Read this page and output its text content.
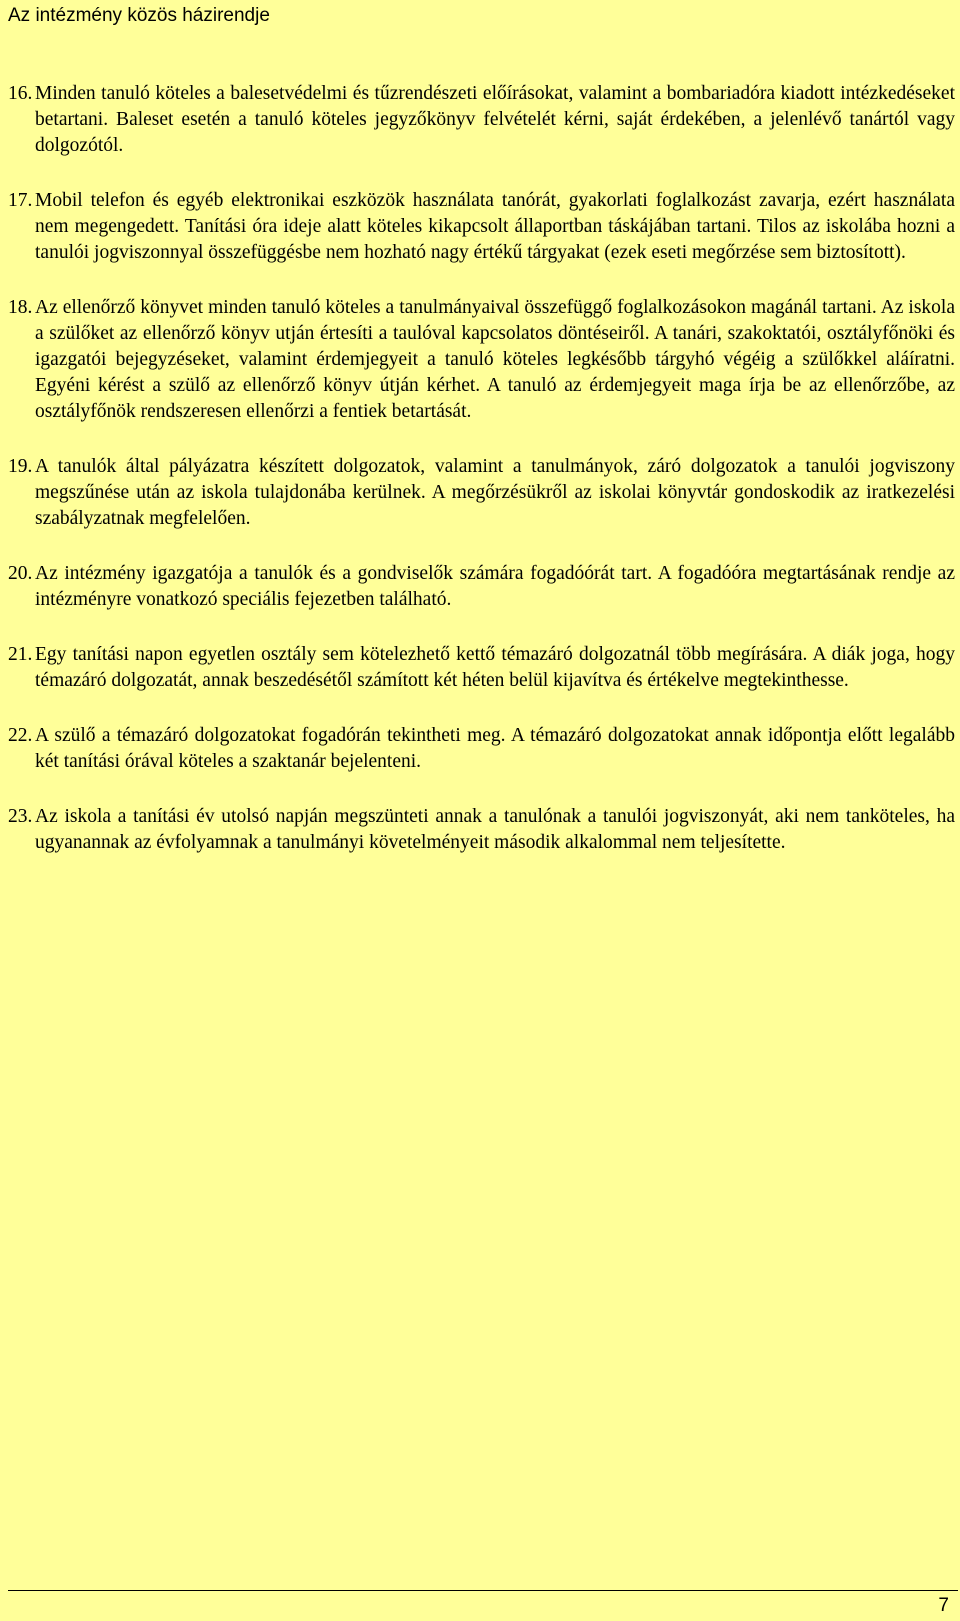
Az intézmény közös házirendje
16. Minden tanuló köteles a balesetvédelmi és tűzrendészeti előírásokat, valamint a bombariadóra kiadott intézkedéseket betartani. Baleset esetén a tanuló köteles jegyzőkönyv felvételét kérni, saját érdekében, a jelenlévő tanártól vagy dolgozótól.
17. Mobil telefon és egyéb elektronikai eszközök használata tanórát, gyakorlati foglalkozást zavarja, ezért használata nem megengedett. Tanítási óra ideje alatt köteles kikapcsolt állaportban táskájában tartani. Tilos az iskolába hozni a tanulói jogviszonnyal összefüggésbe nem hozható nagy értékű tárgyakat (ezek eseti megőrzése sem biztosított).
18. Az ellenőrző könyvet minden tanuló köteles a tanulmányaival összefüggő foglalkozásokon magánál tartani. Az iskola a szülőket az ellenőrző könyv utján értesíti a taulóval kapcsolatos döntéseiről. A tanári, szakoktatói, osztályfőnöki és igazgatói bejegyzéseket, valamint érdemjegyeit a tanuló köteles legkésőbb tárgyhó végéig a szülőkkel aláíratni. Egyéni kérést a szülő az ellenőrző könyv útján kérhet. A tanuló az érdemjegyeit maga írja be az ellenőrzőbe, az osztályfőnök rendszeresen ellenőrzi a fentiek betartását.
19. A tanulók által pályázatra készített dolgozatok, valamint a tanulmányok, záró dolgozatok a tanulói jogviszony megszűnése után az iskola tulajdonába kerülnek. A megőrzésükről az iskolai könyvtár gondoskodik az iratkezelési szabályzatnak megfelelően.
20. Az intézmény igazgatója a tanulók és a gondviselők számára fogadóórát tart. A fogadóóra megtartásának rendje az intézményre vonatkozó speciális fejezetben található.
21. Egy tanítási napon egyetlen osztály sem kötelezhető kettő témazáró dolgozatnál több megírására. A diák joga, hogy témazáró dolgozatát, annak beszedésétől számított két héten belül kijavítva és értékelve megtekinthesse.
22. A szülő a témazáró dolgozatokat fogadórán tekintheti meg. A témazáró dolgozatokat annak időpontja előtt legalább két tanítási órával köteles a szaktanár bejelenteni.
23. Az iskola a tanítási év utolsó napján megszünteti annak a tanulónak a tanulói jogviszonyát, aki nem tanköteles, ha ugyanannak az évfolyamnak a tanulmányi követelményeit második alkalommal nem teljesítette.
7
